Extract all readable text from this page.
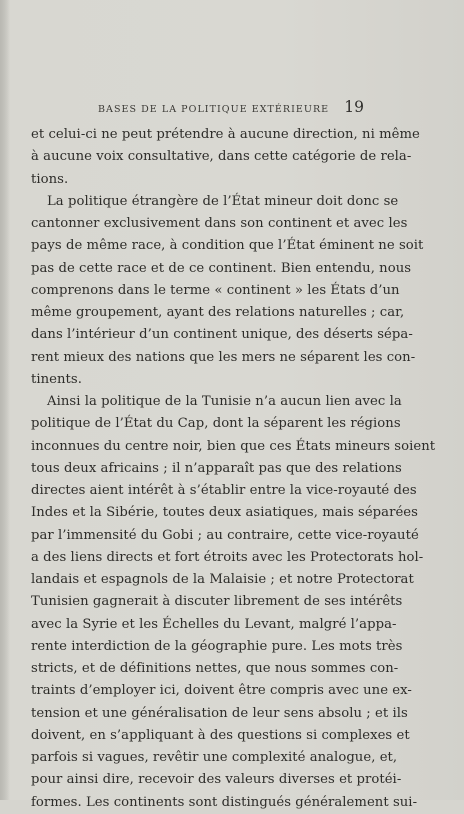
BASES DE LA POLITIQUE EXTÉRIEURE 19
et celui-ci ne peut prétendre à aucune direction, ni même
à aucune voix consultative, dans cette catégorie de rela-
tions.
La politique étrangère de l’État mineur doit donc se
cantonner exclusivement dans son continent et avec les
pays de même race, à condition que l’État éminent ne soit
pas de cette race et de ce continent. Bien entendu, nous
comprenons dans le terme « continent » les États d’un
même groupement, ayant des relations naturelles ; car,
dans l’intérieur d’un continent unique, des déserts sépa-
rent mieux des nations que les mers ne séparent les con-
tinents.
Ainsi la politique de la Tunisie n’a aucun lien avec la
politique de l’État du Cap, dont la séparent les régions
inconnues du centre noir, bien que ces États mineurs soient
tous deux africains ; il n’apparaît pas que des relations
directes aient intérêt à s’établir entre la vice-royauté des
Indes et la Sibérie, toutes deux asiatiques, mais séparées
par l’immensité du Gobi ; au contraire, cette vice-royauté
a des liens directs et fort étroits avec les Protectorats hol-
landais et espagnols de la Malaisie ; et notre Protectorat
Tunisien gagnerait à discuter librement de ses intérêts
avec la Syrie et les Échelles du Levant, malgré l’appa-
rente interdiction de la géographie pure. Les mots très
stricts, et de définitions nettes, que nous sommes con-
traints d’employer ici, doivent être compris avec une ex-
tension et une généralisation de leur sens absolu ; et ils
doivent, en s’appliquant à des questions si complexes et
parfois si vagues, revêtir une complexité analogue, et,
pour ainsi dire, recevoir des valeurs diverses et protéi-
formes. Les continents sont distingués généralement sui-
